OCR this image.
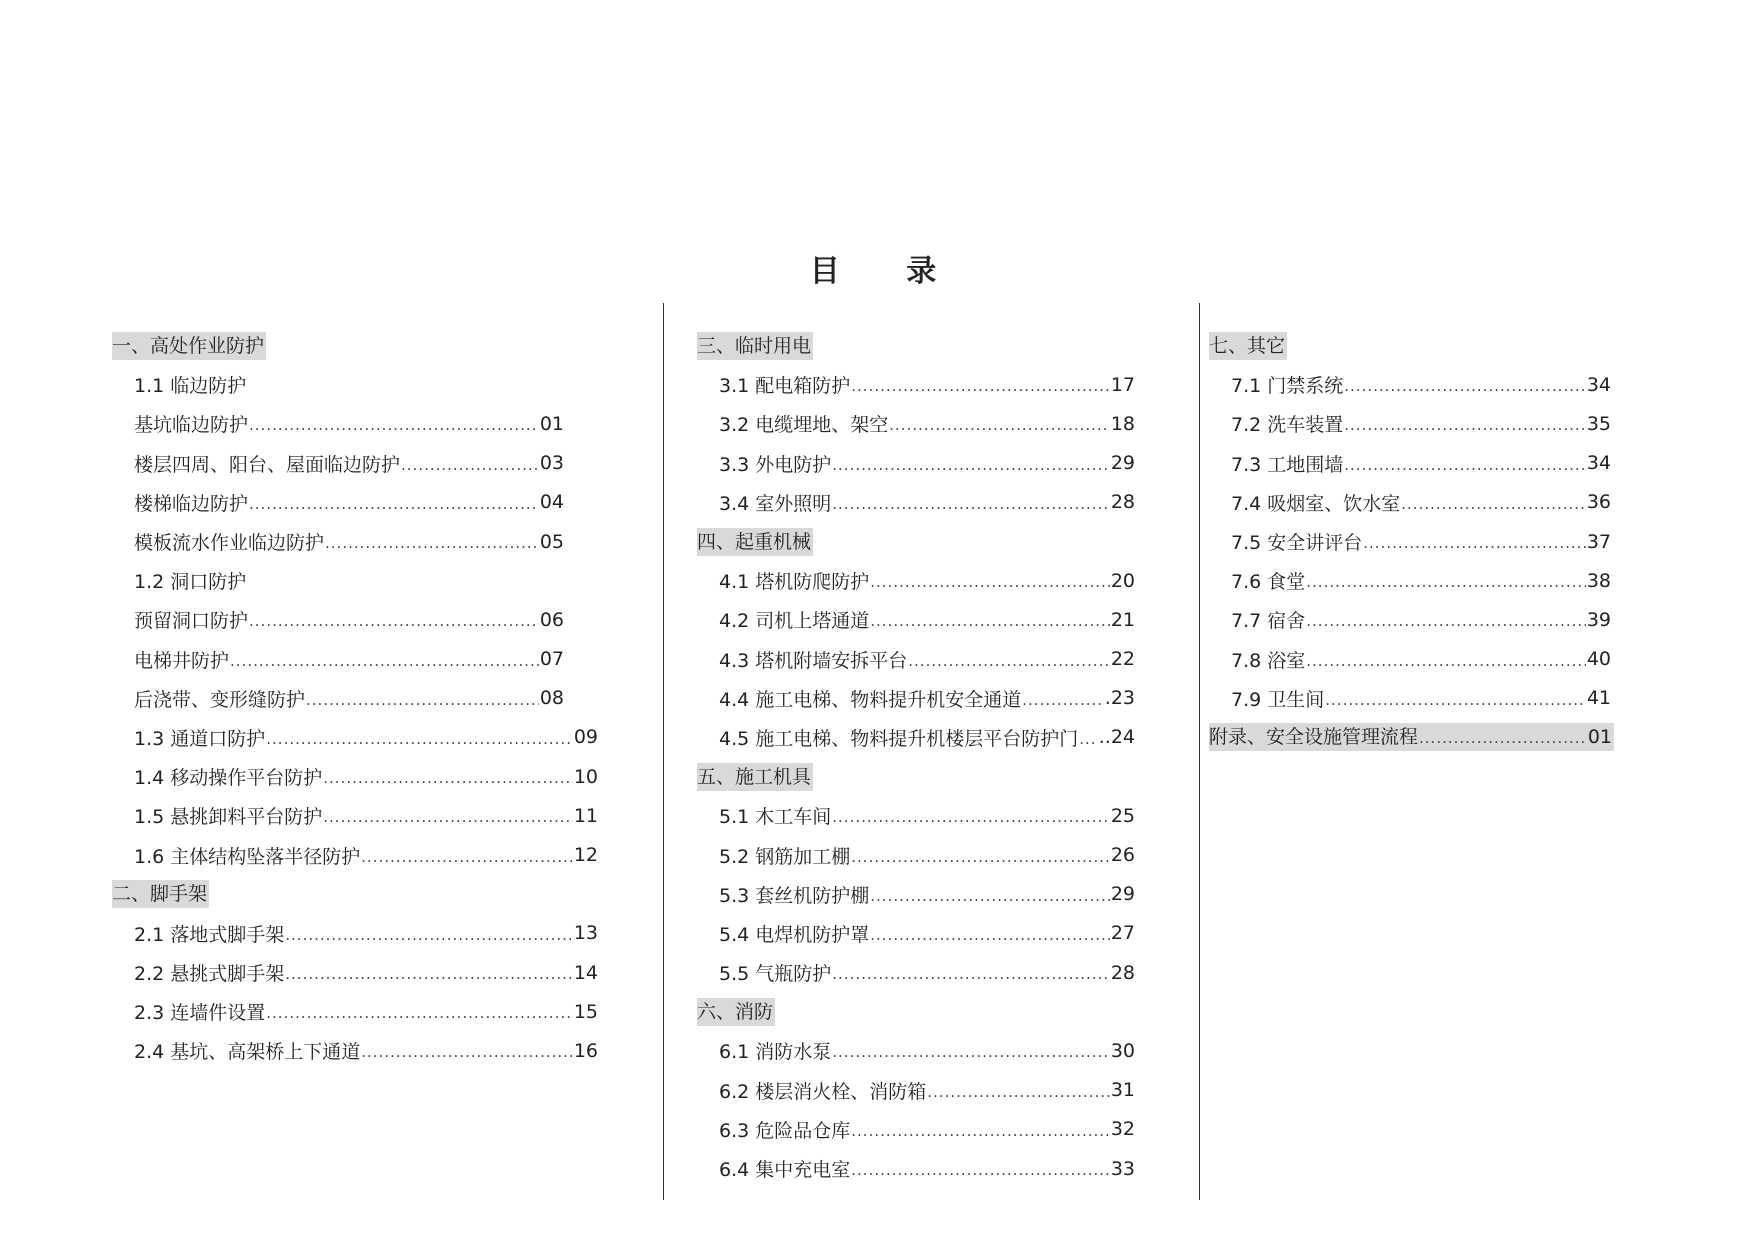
目 录
一、高处作业防护
1.1 临边防护
基坑临边防护 .....	01
楼层四周、阳台、屋面临边防护 .....	03
楼梯临边防护 .....	04
模板流水作业临边防护 .....	05
1.2 洞口防护
预留洞口防护 .....	06
电梯井防护 .....	07
后浇带、变形缝防护 .....	08
1.3 通道口防护 .....	09
1.4 移动操作平台防护 .....	10
1.5 悬挑卸料平台防护 .....	11
1.6 主体结构坠落半径防护 .....	12
二、脚手架
2.1 落地式脚手架 .....	13
2.2 悬挑式脚手架 .....	14
2.3 连墙件设置 .....	15
2.4 基坑、高架桥上下通道 .....	16
三、临时用电
3.1 配电箱防护 .....	17
3.2 电缆埋地、架空 .....	18
3.3 外电防护 .....	29
3.4 室外照明 .....	28
四、起重机械
4.1 塔机防爬防护 .....	20
4.2 司机上塔通道 .....	21
4.3 塔机附墙安拆平台 .....	22
4.4 施工电梯、物料提升机安全通道 .....	.23
4.5 施工电梯、物料提升机楼层平台防护门 ..... ..24
五、施工机具
5.1 木工车间 .....	25
5.2 钢筋加工棚 .....	26
5.3 套丝机防护棚 .....	29
5.4 电焊机防护罩 .....	27
5.5 气瓶防护 .....	28
六、消防
6.1 消防水泵 .....	30
6.2 楼层消火栓、消防箱 .....	31
6.3 危险品仓库 .....	32
6.4 集中充电室 .....	33
七、其它
7.1 门禁系统 .....	34
7.2 洗车装置 .....	35
7.3 工地围墙 .....	34
7.4 吸烟室、饮水室 .....	36
7.5 安全讲评台 .....	37
7.6 食堂 .....	38
7.7 宿舍 .....	39
7.8 浴室 .....	40
7.9 卫生间 .....	41
附录、安全设施管理流程 .....	01
